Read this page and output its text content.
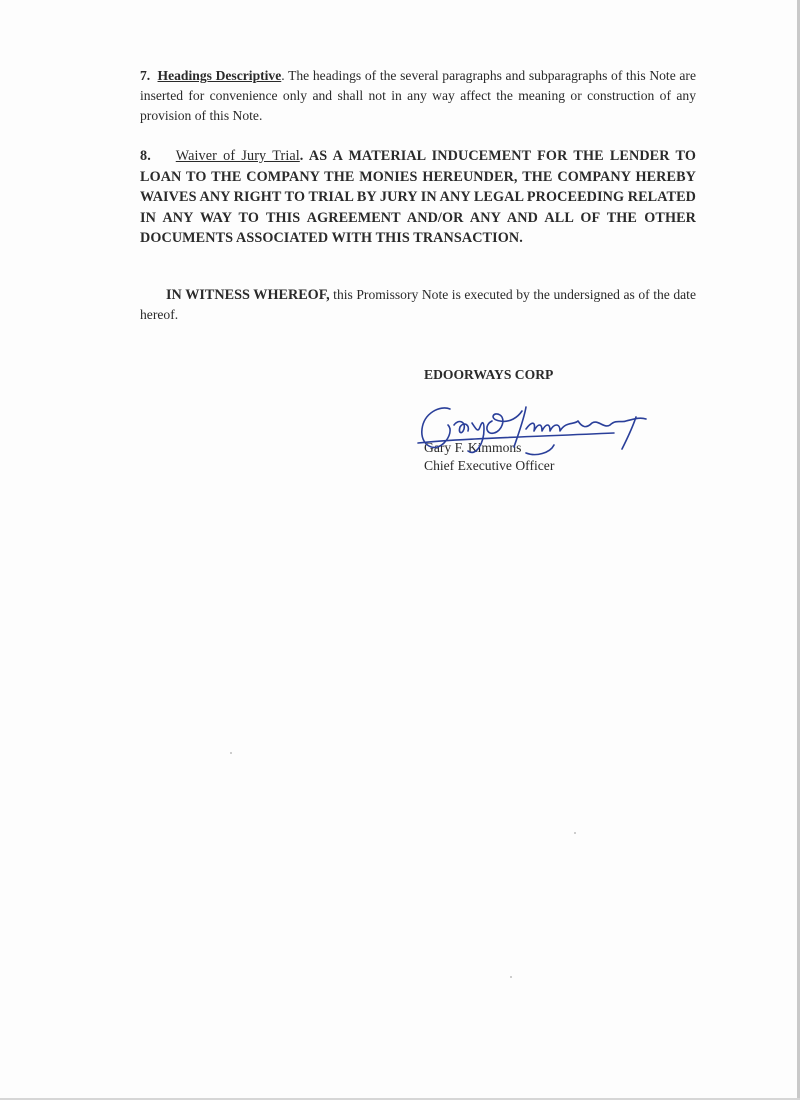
7. Headings Descriptive. The headings of the several paragraphs and subparagraphs of this Note are inserted for convenience only and shall not in any way affect the meaning or construction of any provision of this Note.

8. Waiver of Jury Trial. AS A MATERIAL INDUCEMENT FOR THE LENDER TO LOAN TO THE COMPANY THE MONIES HEREUNDER, THE COMPANY HEREBY WAIVES ANY RIGHT TO TRIAL BY JURY IN ANY LEGAL PROCEEDING RELATED IN ANY WAY TO THIS AGREEMENT AND/OR ANY AND ALL OF THE OTHER DOCUMENTS ASSOCIATED WITH THIS TRANSACTION.

IN WITNESS WHEREOF, this Promissory Note is executed by the undersigned as of the date hereof.

EDOORWAYS CORP
Gary F. Kimmons
Chief Executive Officer
